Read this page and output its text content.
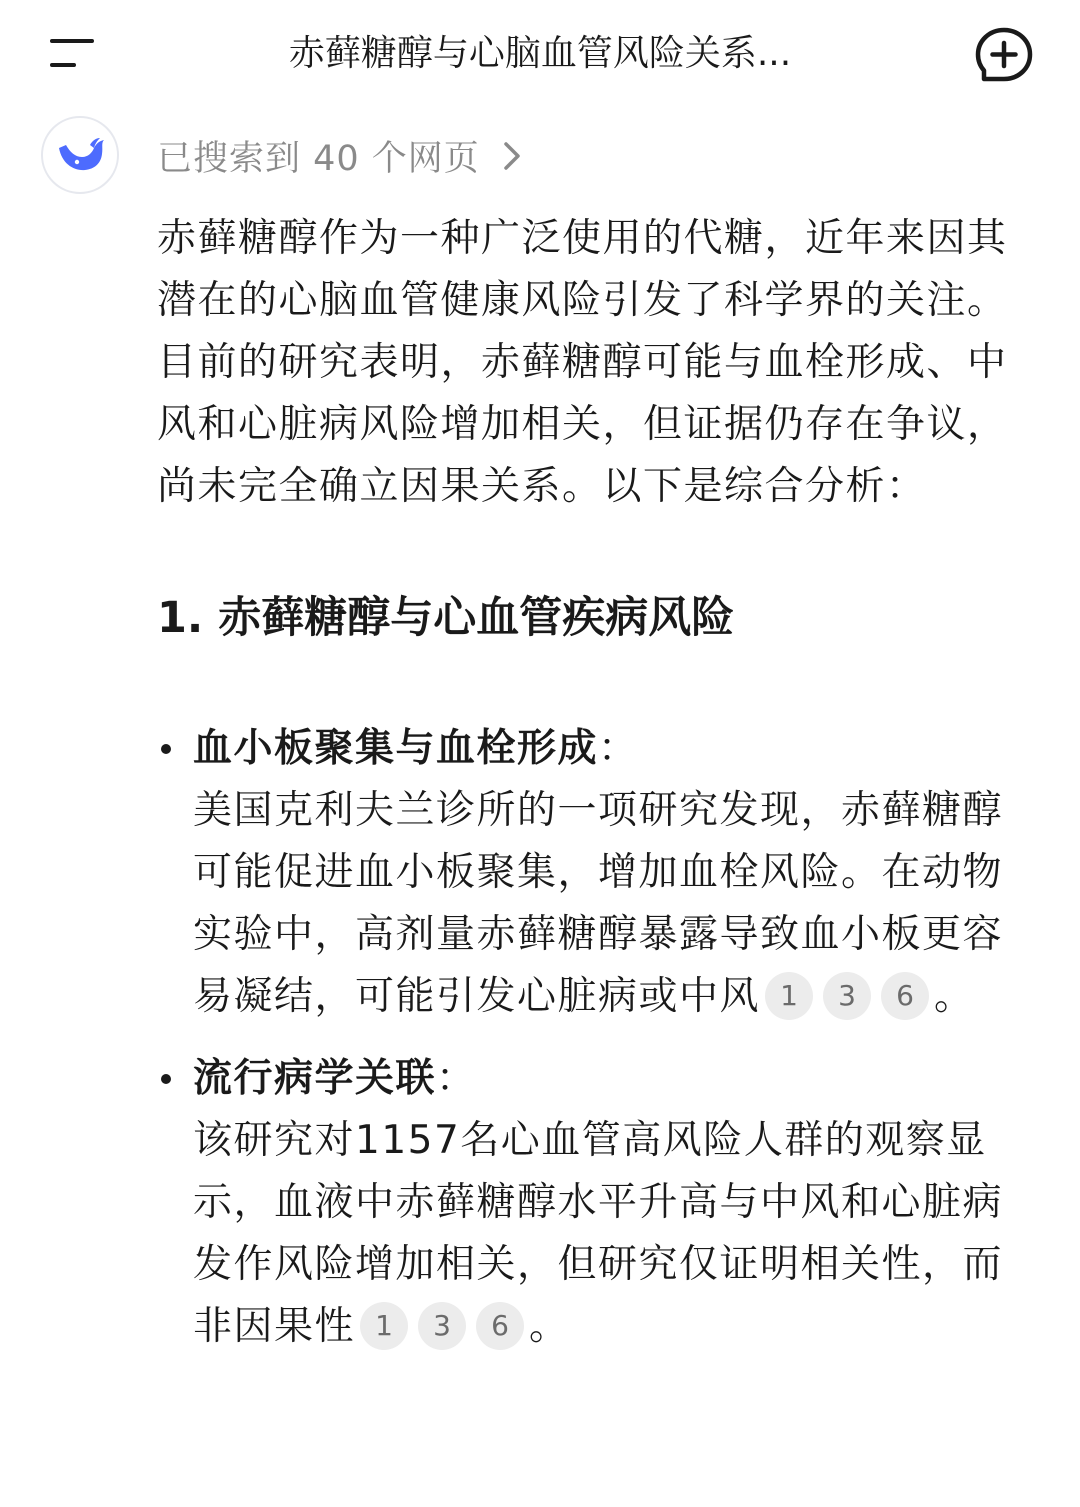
赤藓糖醇与心脑血管风险关系...
已搜索到 40 个网页

赤藓糖醇作为一种广泛使用的代糖，近年来因其潜在的心脑血管健康风险引发了科学界的关注。目前的研究表明，赤藓糖醇可能与血栓形成、中风和心脏病风险增加相关，但证据仍存在争议，尚未完全确立因果关系。以下是综合分析：

1. 赤藓糖醇与心血管疾病风险
血小板聚集与血栓形成：
美国克利夫兰诊所的一项研究发现，赤藓糖醇可能促进血小板聚集，增加血栓风险。在动物实验中，高剂量赤藓糖醇暴露导致血小板更容易凝结，可能引发心脏病或中风 1 3 6 。
流行病学关联：
该研究对1157名心血管高风险人群的观察显示，血液中赤藓糖醇水平升高与中风和心脏病发作风险增加相关，但研究仅证明相关性，而非因果性 1 3 6 。
